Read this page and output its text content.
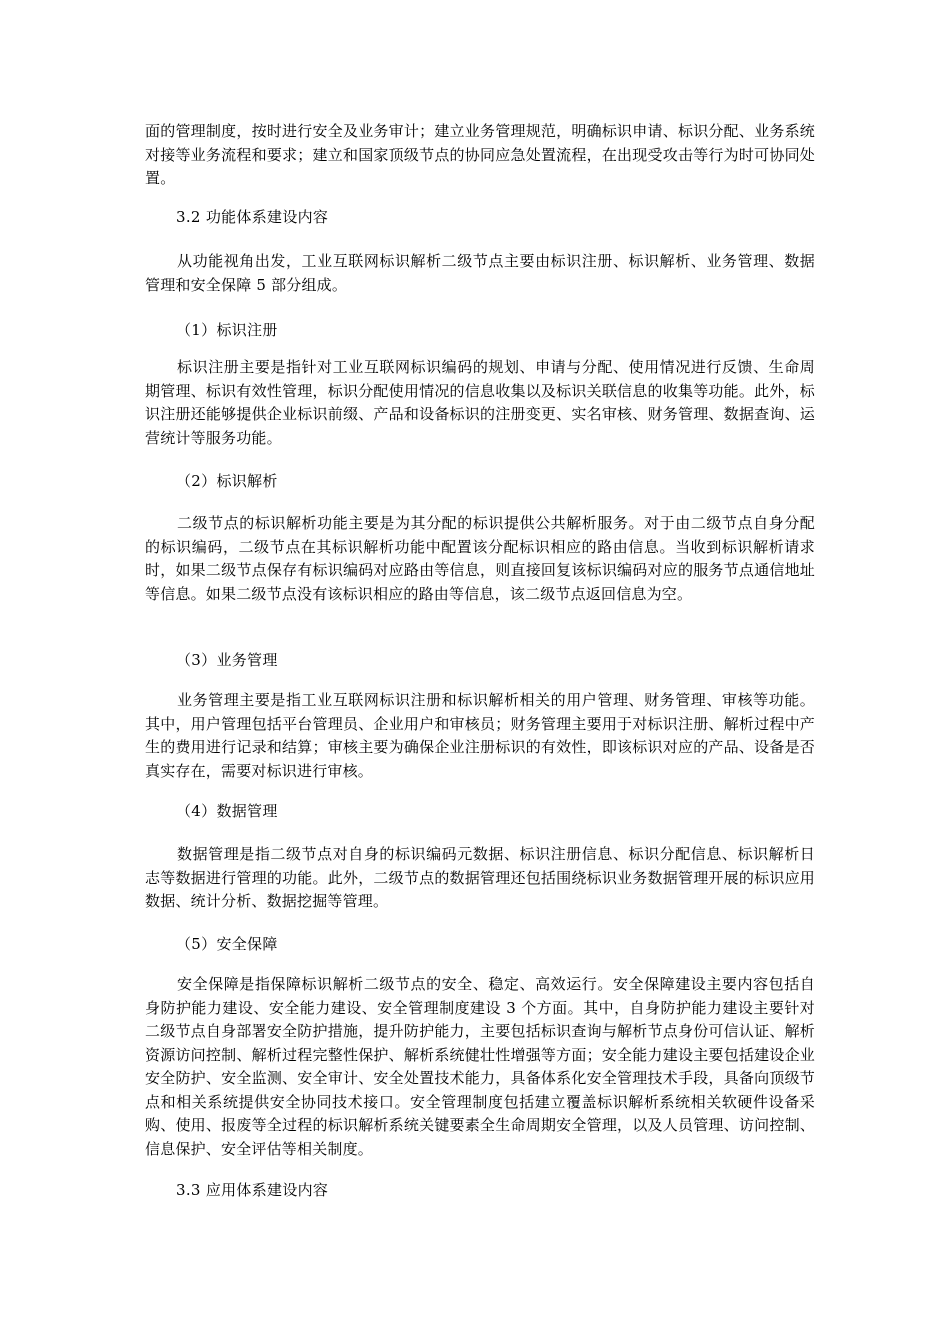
面的管理制度，按时进行安全及业务审计；建立业务管理规范，明确标识申请、标识分配、业务系统对接等业务流程和要求；建立和国家顶级节点的协同应急处置流程，在出现受攻击等行为时可协同处置。
3.2 功能体系建设内容
从功能视角出发，工业互联网标识解析二级节点主要由标识注册、标识解析、业务管理、数据管理和安全保障 5 部分组成。
（1）标识注册
标识注册主要是指针对工业互联网标识编码的规划、申请与分配、使用情况进行反馈、生命周期管理、标识有效性管理，标识分配使用情况的信息收集以及标识关联信息的收集等功能。此外，标识注册还能够提供企业标识前缀、产品和设备标识的注册变更、实名审核、财务管理、数据查询、运营统计等服务功能。
（2）标识解析
二级节点的标识解析功能主要是为其分配的标识提供公共解析服务。对于由二级节点自身分配的标识编码，二级节点在其标识解析功能中配置该分配标识相应的路由信息。当收到标识解析请求时，如果二级节点保存有标识编码对应路由等信息，则直接回复该标识编码对应的服务节点通信地址等信息。如果二级节点没有该标识相应的路由等信息，该二级节点返回信息为空。
（3）业务管理
业务管理主要是指工业互联网标识注册和标识解析相关的用户管理、财务管理、审核等功能。其中，用户管理包括平台管理员、企业用户和审核员；财务管理主要用于对标识注册、解析过程中产生的费用进行记录和结算；审核主要为确保企业注册标识的有效性，即该标识对应的产品、设备是否真实存在，需要对标识进行审核。
（4）数据管理
数据管理是指二级节点对自身的标识编码元数据、标识注册信息、标识分配信息、标识解析日志等数据进行管理的功能。此外，二级节点的数据管理还包括围绕标识业务数据管理开展的标识应用数据、统计分析、数据挖掘等管理。
（5）安全保障
安全保障是指保障标识解析二级节点的安全、稳定、高效运行。安全保障建设主要内容包括自身防护能力建设、安全能力建设、安全管理制度建设 3 个方面。其中，自身防护能力建设主要针对二级节点自身部署安全防护措施，提升防护能力，主要包括标识查询与解析节点身份可信认证、解析资源访问控制、解析过程完整性保护、解析系统健壮性增强等方面；安全能力建设主要包括建设企业安全防护、安全监测、安全审计、安全处置技术能力，具备体系化安全管理技术手段，具备向顶级节点和相关系统提供安全协同技术接口。安全管理制度包括建立覆盖标识解析系统相关软硬件设备采购、使用、报废等全过程的标识解析系统关键要素全生命周期安全管理，以及人员管理、访问控制、信息保护、安全评估等相关制度。
3.3 应用体系建设内容
